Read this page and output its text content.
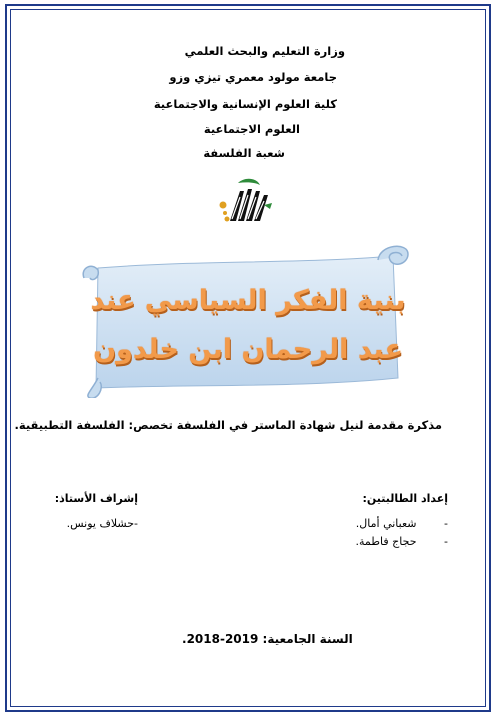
وزارة التعليم والبحث العلمي
جامعة مولود معمري تيزي وزو
كلية العلوم الإنسانية والاجتماعية
العلوم الاجتماعية
شعبة الفلسفة
بنية الفكر السياسي عند
عبد الرحمان ابن خلدون
مذكرة مقدمة لنيل شهادة الماستر في الفلسفة تخصص: الفلسفة التطبيقية.
إعداد الطالبتين:
- شعباني أمال.
- حجاج فاطمة.
إشراف الأستاذ:
-حشلاف يونس.
السنة الجامعية: 2019-2018.
